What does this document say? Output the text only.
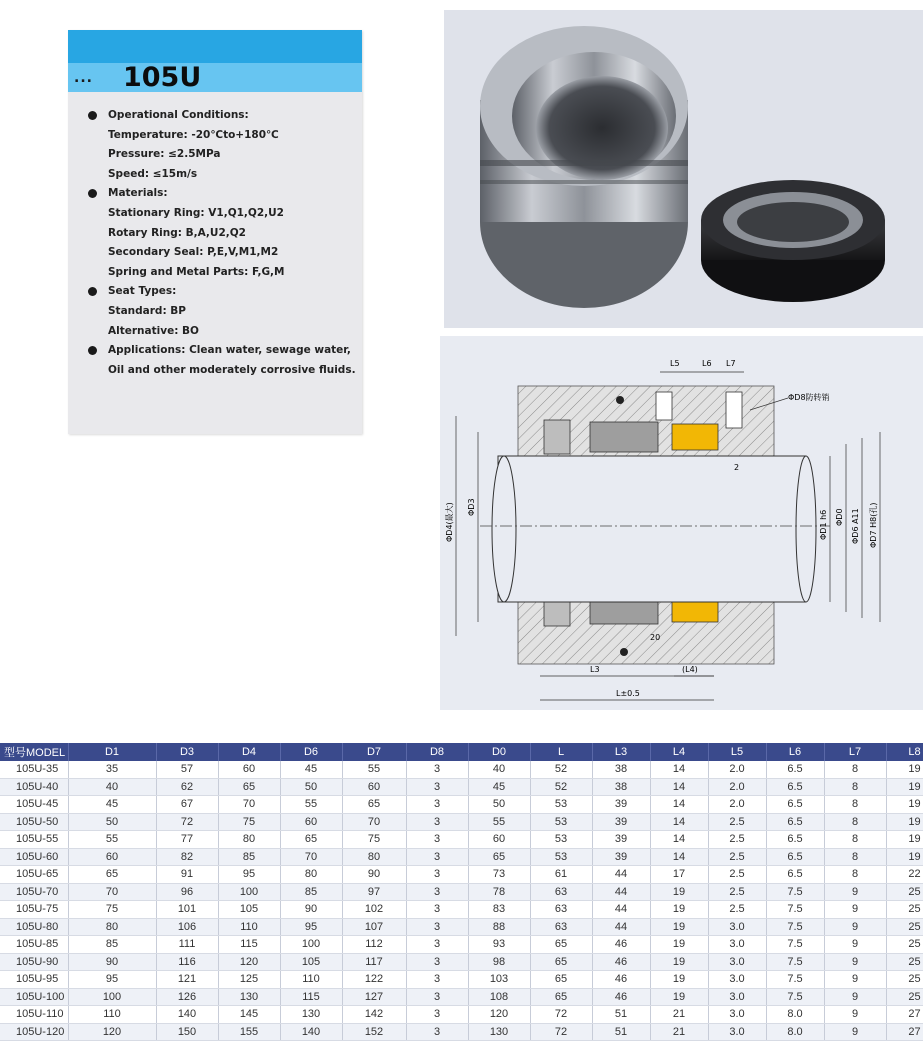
... 105U
Operational Conditions:
Temperature: -20℃to+180℃
Pressure: ≤2.5MPa
Speed: ≤15m/s
Materials:
Stationary Ring: V1,Q1,Q2,U2
Rotary Ring: B,A,U2,Q2
Secondary Seal: P,E,V,M1,M2
Spring and Metal Parts: F,G,M
Seat Types:
Standard: BP
Alternative: BO
Applications: Clean water, sewage water,
Oil and other moderately corrosive fluids.
L5	L6 L7
ΦD8防转销
2
20
ΦD4(最大) ΦD3
ΦD1 h6 ΦD0 ΦD6 A11 ΦD7 H8(孔)
L3	(L4)
L±0.5
型号MODEL	D1	D3	D4	D6	D7	D8	D0	L	L3	L4	L5	L6	L7	L8
105U-35	35	57	60	45	55	3	40	52	38	14	2.0	6.5	8	19
105U-40	40	62	65	50	60	3	45	52	38	14	2.0	6.5	8	19
105U-45	45	67	70	55	65	3	50	53	39	14	2.0	6.5	8	19
105U-50	50	72	75	60	70	3	55	53	39	14	2.5	6.5	8	19
105U-55	55	77	80	65	75	3	60	53	39	14	2.5	6.5	8	19
105U-60	60	82	85	70	80	3	65	53	39	14	2.5	6.5	8	19
105U-65	65	91	95	80	90	3	73	61	44	17	2.5	6.5	8	22
105U-70	70	96	100	85	97	3	78	63	44	19	2.5	7.5	9	25
105U-75	75	101	105	90	102	3	83	63	44	19	2.5	7.5	9	25
105U-80	80	106	110	95	107	3	88	63	44	19	3.0	7.5	9	25
105U-85	85	111	115	100	112	3	93	65	46	19	3.0	7.5	9	25
105U-90	90	116	120	105	117	3	98	65	46	19	3.0	7.5	9	25
105U-95	95	121	125	110	122	3	103	65	46	19	3.0	7.5	9	25
105U-100	100	126	130	115	127	3	108	65	46	19	3.0	7.5	9	25
105U-110	110	140	145	130	142	3	120	72	51	21	3.0	8.0	9	27
105U-120	120	150	155	140	152	3	130	72	51	21	3.0	8.0	9	27
